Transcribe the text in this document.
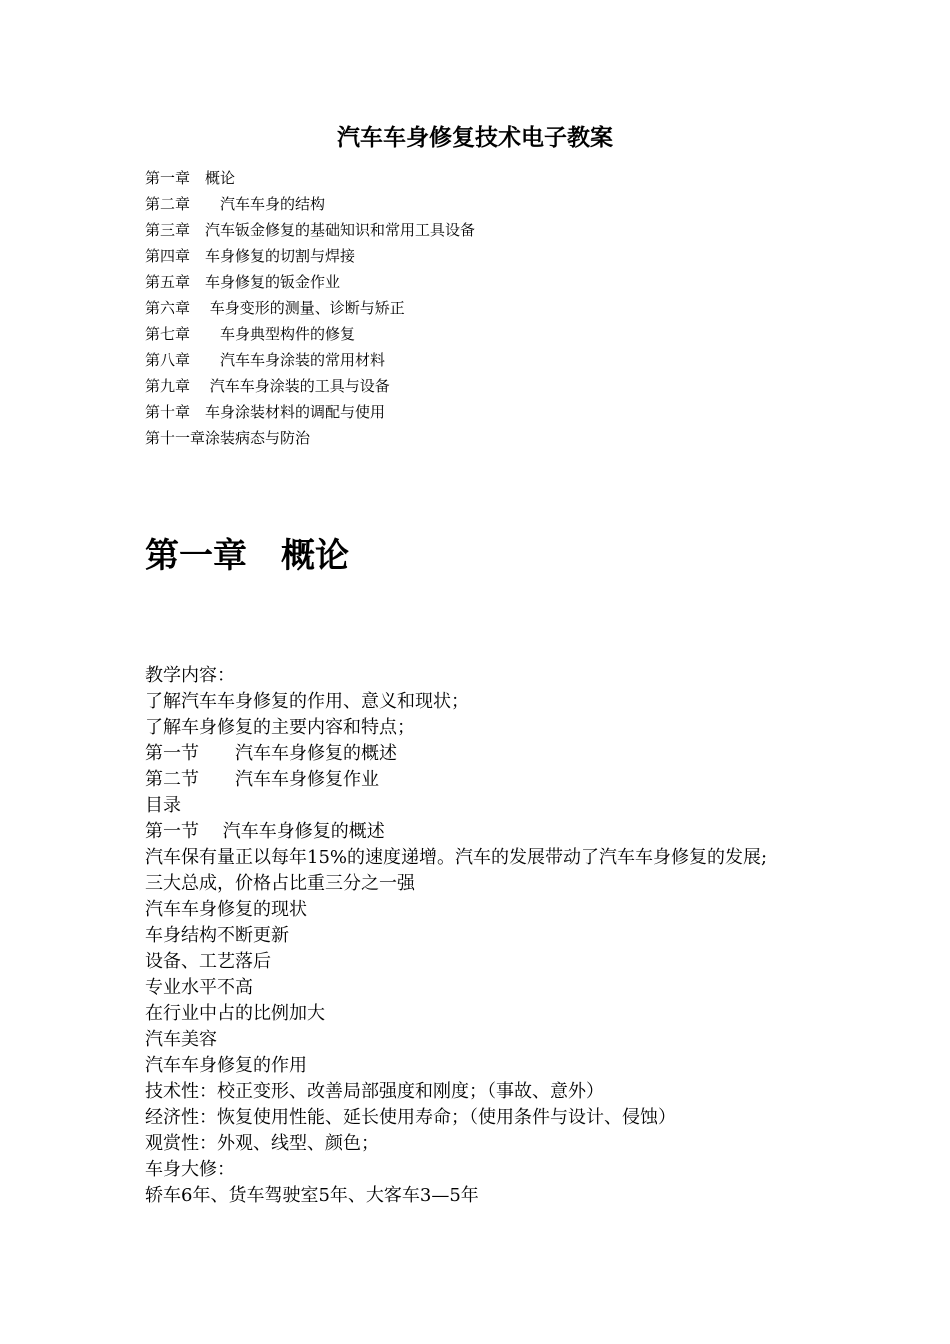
汽车车身修复技术电子教案
第一章　概论
第二章　　汽车车身的结构
第三章　汽车钣金修复的基础知识和常用工具设备
第四章　车身修复的切割与焊接
第五章　车身修复的钣金作业
第六章　 车身变形的测量、诊断与矫正
第七章　　车身典型构件的修复
第八章　　汽车车身涂装的常用材料
第九章　 汽车车身涂装的工具与设备
第十章　车身涂装材料的调配与使用
第十一章涂装病态与防治
第一章　概论
教学内容：
了解汽车车身修复的作用、意义和现状；
了解车身修复的主要内容和特点；
第一节　　汽车车身修复的概述
第二节　　汽车车身修复作业
目录
第一节　 汽车车身修复的概述
汽车保有量正以每年15%的速度递增。汽车的发展带动了汽车车身修复的发展;
三大总成，价格占比重三分之一强
汽车车身修复的现状
车身结构不断更新
设备、工艺落后
专业水平不高
在行业中占的比例加大
汽车美容
汽车车身修复的作用
技术性：校正变形、改善局部强度和刚度；（事故、意外）
经济性：恢复使用性能、延长使用寿命；（使用条件与设计、侵蚀）
观赏性：外观、线型、颜色；
车身大修：
轿车6年、货车驾驶室5年、大客车3—5年
